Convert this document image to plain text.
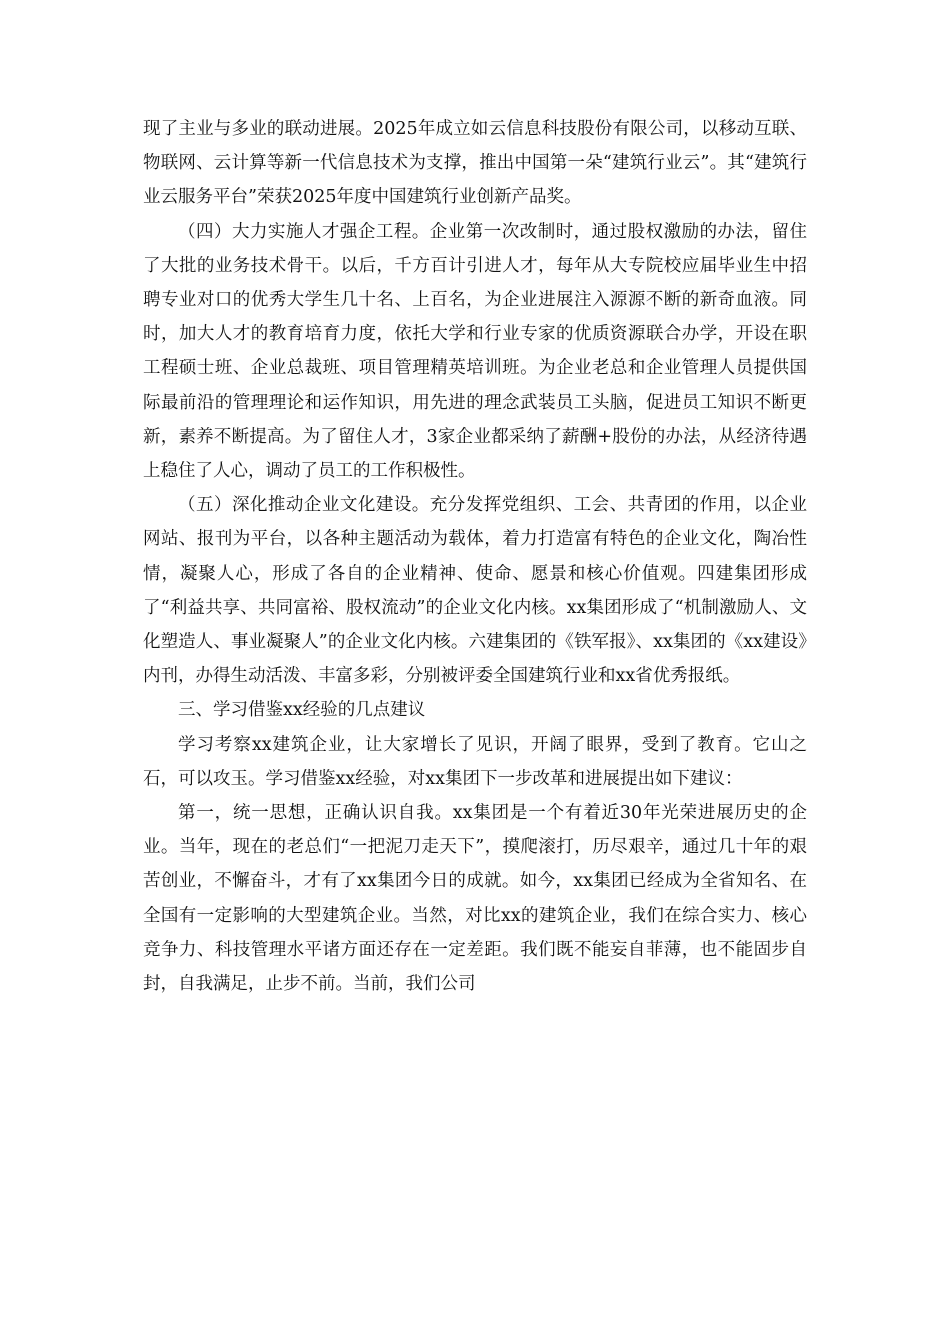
现了主业与多业的联动进展。2025年成立如云信息科技股份有限公司，以移动互联、物联网、云计算等新一代信息技术为支撑，推出中国第一朵“建筑行业云”。其“建筑行业云服务平台”荣获2025年度中国建筑行业创新产品奖。

（四）大力实施人才强企工程。企业第一次改制时，通过股权激励的办法，留住了大批的业务技术骨干。以后，千方百计引进人才，每年从大专院校应届毕业生中招聘专业对口的优秀大学生几十名、上百名，为企业进展注入源源不断的新奇血液。同时，加大人才的教育培育力度，依托大学和行业专家的优质资源联合办学，开设在职工程硕士班、企业总裁班、项目管理精英培训班。为企业老总和企业管理人员提供国际最前沿的管理理论和运作知识，用先进的理念武装员工头脑，促进员工知识不断更新，素养不断提高。为了留住人才，3家企业都采纳了薪酬+股份的办法，从经济待遇上稳住了人心，调动了员工的工作积极性。

（五）深化推动企业文化建设。充分发挥党组织、工会、共青团的作用，以企业网站、报刊为平台，以各种主题活动为载体，着力打造富有特色的企业文化，陶冶性情，凝聚人心，形成了各自的企业精神、使命、愿景和核心价值观。四建集团形成了“利益共享、共同富裕、股权流动”的企业文化内核。xx集团形成了“机制激励人、文化塑造人、事业凝聚人”的企业文化内核。六建集团的《铁军报》、xx集团的《xx建设》内刊，办得生动活泼、丰富多彩，分别被评委全国建筑行业和xx省优秀报纸。

三、学习借鉴xx经验的几点建议

学习考察xx建筑企业，让大家增长了见识，开阔了眼界，受到了教育。它山之石，可以攻玉。学习借鉴xx经验，对xx集团下一步改革和进展提出如下建议：

第一，统一思想，正确认识自我。xx集团是一个有着近30年光荣进展历史的企业。当年，现在的老总们“一把泥刀走天下”，摸爬滚打，历尽艰辛，通过几十年的艰苦创业，不懈奋斗，才有了xx集团今日的成就。如今，xx集团已经成为全省知名、在全国有一定影响的大型建筑企业。当然，对比xx的建筑企业，我们在综合实力、核心竞争力、科技管理水平诸方面还存在一定差距。我们既不能妄自菲薄，也不能固步自封，自我满足，止步不前。当前，我们公司
